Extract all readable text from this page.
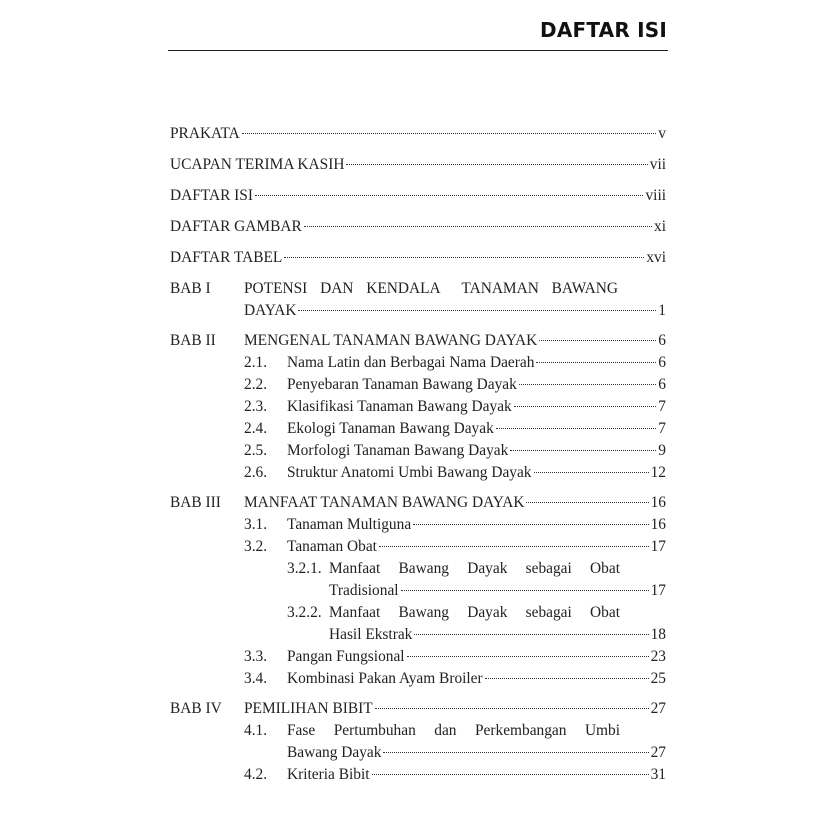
DAFTAR ISI
PRAKATA	v
UCAPAN TERIMA KASIH	vii
DAFTAR ISI	viii
DAFTAR GAMBAR	xi
DAFTAR TABEL	xvi
BAB I	POTENSI DAN KENDALA TANAMAN BAWANG
DAYAK	1
BAB II	MENGENAL TANAMAN BAWANG DAYAK	6
2.1.	Nama Latin dan Berbagai Nama Daerah	6
2.2.	Penyebaran Tanaman Bawang Dayak	6
2.3.	Klasifikasi Tanaman Bawang Dayak	7
2.4.	Ekologi Tanaman Bawang Dayak	7
2.5.	Morfologi Tanaman Bawang Dayak	9
2.6.	Struktur Anatomi Umbi Bawang Dayak	12
BAB III	MANFAAT TANAMAN BAWANG DAYAK	16
3.1.	Tanaman Multiguna	16
3.2.	Tanaman Obat	17
3.2.1. Manfaat Bawang Dayak sebagai Obat
Tradisional	17
3.2.2. Manfaat Bawang Dayak sebagai Obat
Hasil Ekstrak	18
3.3.	Pangan Fungsional	23
3.4.	Kombinasi Pakan Ayam Broiler	25
BAB IV	PEMILIHAN BIBIT	27
4.1.	Fase Pertumbuhan dan Perkembangan Umbi
Bawang Dayak	27
4.2.	Kriteria Bibit	31
